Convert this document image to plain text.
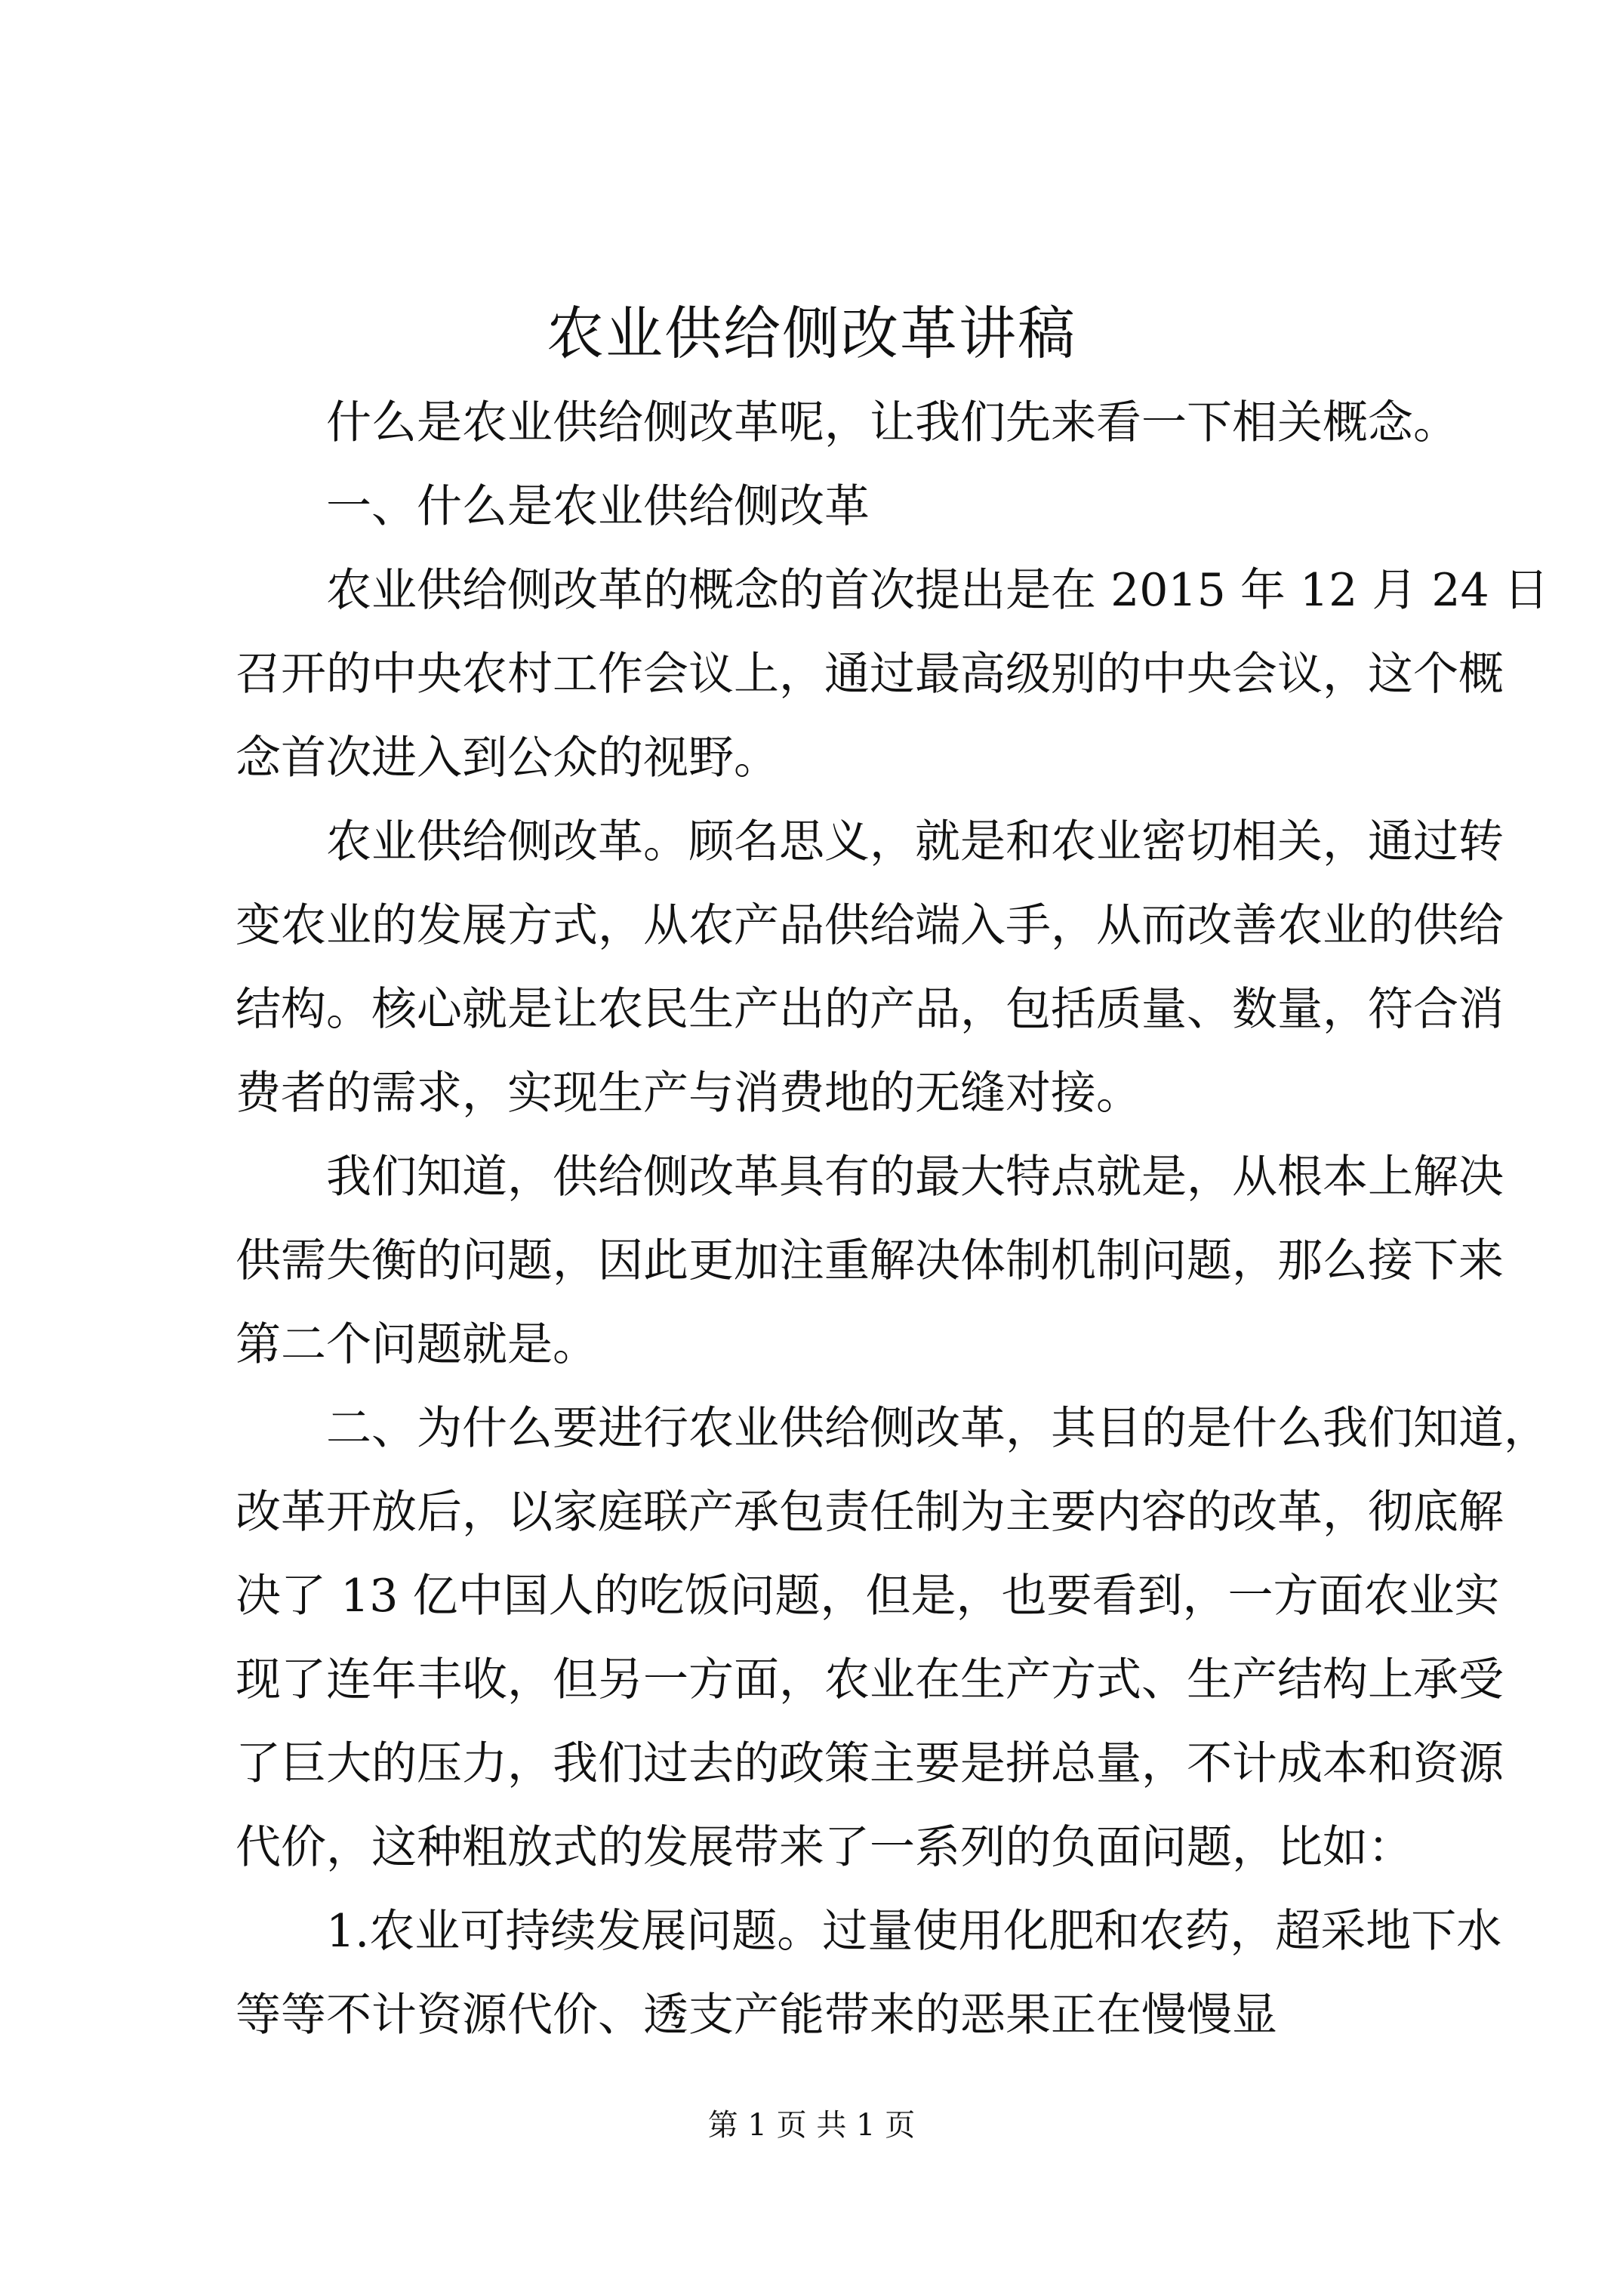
农业供给侧改革讲稿
什么是农业供给侧改革呢，让我们先来看一下相关概念。
一、什么是农业供给侧改革
农业供给侧改革的概念的首次提出是在 2015 年 12 月 24 日
召开的中央农村工作会议上，通过最高级别的中央会议，这个概
念首次进入到公众的视野。
农业供给侧改革。顾名思义，就是和农业密切相关，通过转
变农业的发展方式，从农产品供给端入手，从而改善农业的供给
结构。核心就是让农民生产出的产品，包括质量、数量，符合消
费者的需求，实现生产与消费地的无缝对接。
我们知道，供给侧改革具有的最大特点就是，从根本上解决
供需失衡的问题，因此更加注重解决体制机制问题，那么接下来
第二个问题就是。
二、为什么要进行农业供给侧改革，其目的是什么我们知道，
改革开放后，以家庭联产承包责任制为主要内容的改革，彻底解
决了 13 亿中国人的吃饭问题，但是，也要看到，一方面农业实
现了连年丰收，但另一方面，农业在生产方式、生产结构上承受
了巨大的压力，我们过去的政策主要是拼总量，不计成本和资源
代价，这种粗放式的发展带来了一系列的负面问题，比如：
1.农业可持续发展问题。过量使用化肥和农药，超采地下水
等等不计资源代价、透支产能带来的恶果正在慢慢显

第 1 页 共 1 页
